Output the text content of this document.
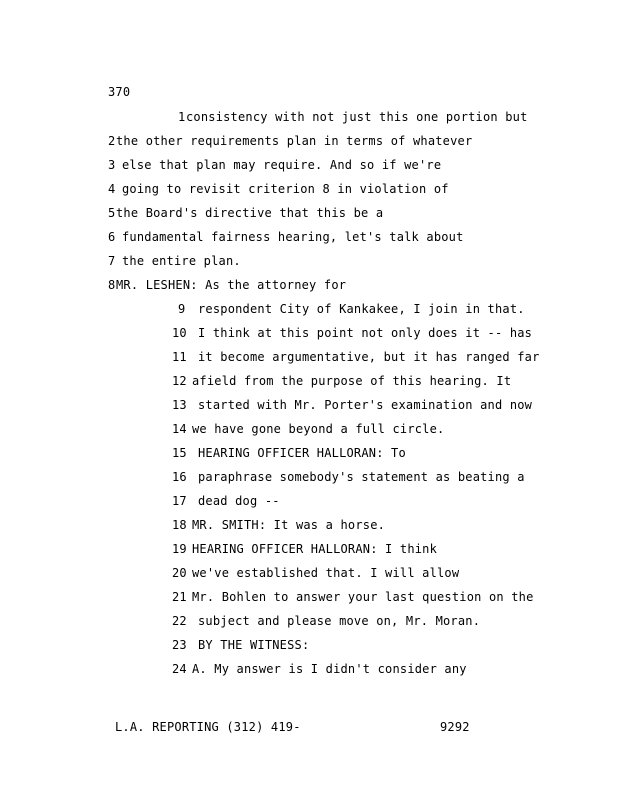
370
1 consistency with not just this one portion but
2 the other requirements plan in terms of whatever
3 else that plan may require. And so if we're
4 going to revisit criterion 8 in violation of
5 the Board's directive that this be a
6 fundamental fairness hearing, let's talk about
7 the entire plan.
8 MR. LESHEN: As the attorney for
9 respondent City of Kankakee, I join in that.
10 I think at this point not only does it -- has
11 it become argumentative, but it has ranged far
12 afield from the purpose of this hearing. It
13 started with Mr. Porter's examination and now
14 we have gone beyond a full circle.
15 HEARING OFFICER HALLORAN: To
16 paraphrase somebody's statement as beating a
17 dead dog --
18 MR. SMITH: It was a horse.
19 HEARING OFFICER HALLORAN: I think
20 we've established that. I will allow
21 Mr. Bohlen to answer your last question on the
22 subject and please move on, Mr. Moran.
23 BY THE WITNESS:
24 A. My answer is I didn't consider any
L.A. REPORTING (312) 419-	9292
